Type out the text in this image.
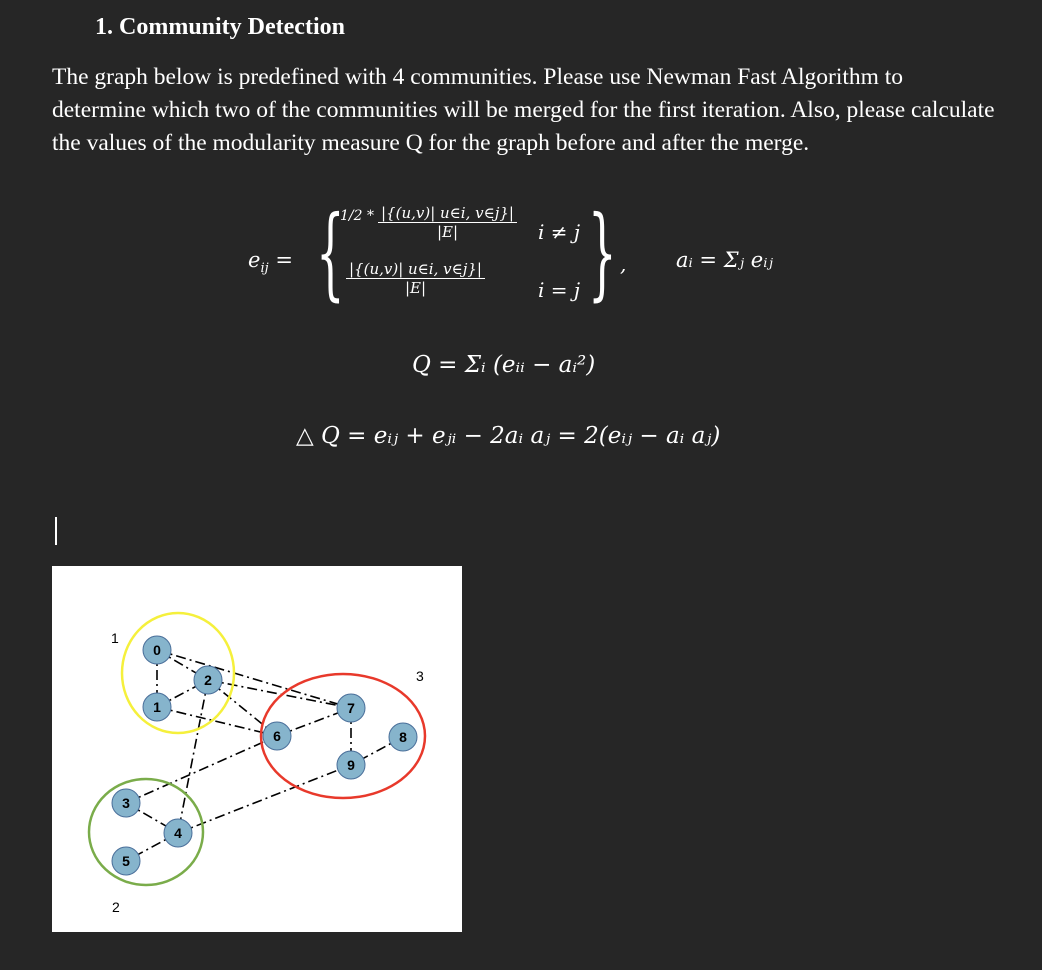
1. Community Detection
The graph below is predefined with 4 communities. Please use Newman Fast Algorithm to determine which two of the communities will be merged for the first iteration. Also, please calculate the values of the modularity measure Q for the graph before and after the merge.
$e_{ij}$ = {
$1/2 * \frac{|\{(u,v)| u\in i, v\in j\}|}{|E|}$
$\frac{|\{(u,v)| u\in i, v\in j\}|}{|E|}$
i ≠ j
i = j } , aᵢ = Σⱼ eᵢⱼ
Q = Σᵢ (eᵢᵢ − aᵢ²)
△ Q = eᵢⱼ + eⱼᵢ − 2aᵢ aⱼ = 2(eᵢⱼ − aᵢ aⱼ)
0
1
2
3
4
5
6
7
8
9
1
2
3
